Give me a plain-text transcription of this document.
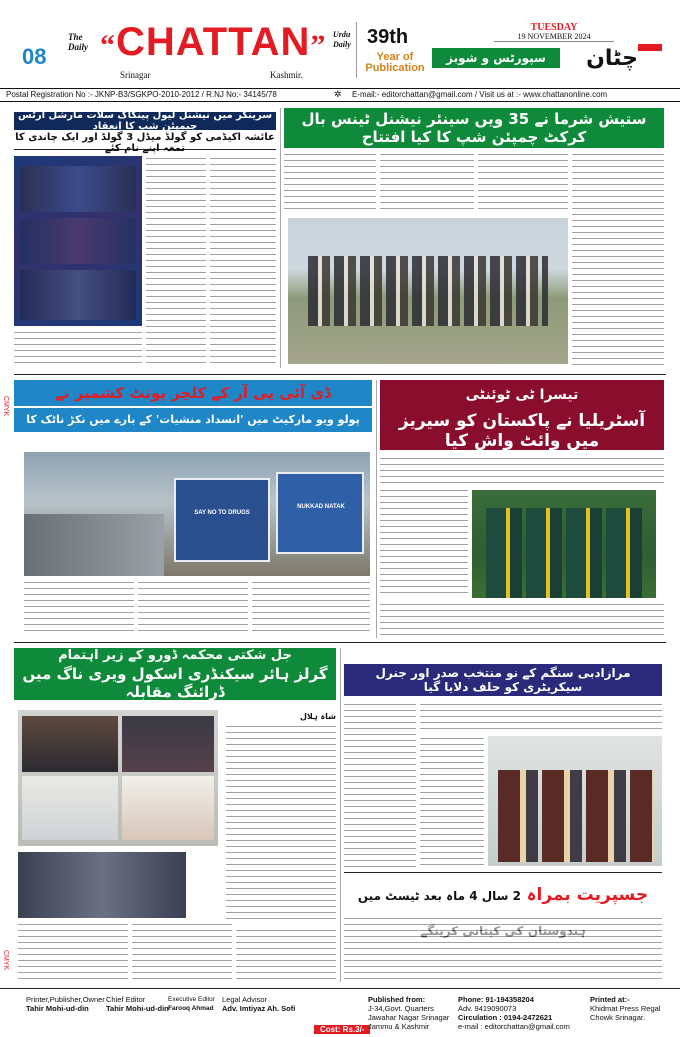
08
The Daily “CHATTAN” Urdu Daily
Srinagar	Kashmir.
39th
Year of Publication
TUESDAY
19 NOVEMBER 2024
سپورٹس و شوبز	چٹان
Postal Registration No :- JKNP-B3/SGKPO-2010-2012 / R.NJ No:- 34145/78	✲ E-mail:- editorchattan@gmail.com / Visit us at :- www.chattanonline.com
سرینگر میں نیشنل لیول پینکاک سلات مارشل آرٹس چیمپئن شپ کا انعقاد
عائشہ اکیڈمی کو گولڈ میڈل 3 گولڈ اور ایک چاندی کا تمغہ اپنے نام کئے
ستیش شرما نے 35 ویں سینئر نیشنل ٹینس بال کرکٹ چمپئن شپ کا کیا افتتاح
ڈی آئی پی آر کے کلچر یونٹ کشمیر نے
پولو ویو مارکیٹ میں 'انسداد منشیات' کے بارے میں نکڑ ناٹک کا انعقاد کیا
SAY NO TO DRUGS
NUKKAD NATAK
تیسرا ٹی ٹوئنٹی
آسٹریلیا نے پاکستان کو سیریز میں وائٹ واش کیا
جل شکتی محکمہ ڈورو کے زیر اہتمام
گرلز ہائر سیکنڈری اسکول ویری ناگ میں ڈرائنگ مقابلہ
شاہ ہلال
مرازادبی سنگم کے نو منتخب صدر اور جنرل سیکریٹری کو حلف دلایا گیا
جسپریت بمراہ 2 سال 4 ماہ بعد ٹیسٹ میں
CMYK
CMYK
Printer,Publisher,Owner
Tahir Mohi-ud-din
Chief Editor
Tahir Mohi-ud-din
Executive Editor
Farooq Ahmad
Legal Advisor
Adv. Imtiyaz Ah. Sofi
Cost: Rs.3/-
Published from:
J-34,Govt. Quarters
Jawahar Nagar Srinagar
Jammu & Kashmir
Phone: 91-194358204
Adv. 9419090073
Circulation : 0194-2472621
e-mail : editorchattan@gmail.com
Printed at:-
Khidmat Press Regal
Chowk Srinagar.
